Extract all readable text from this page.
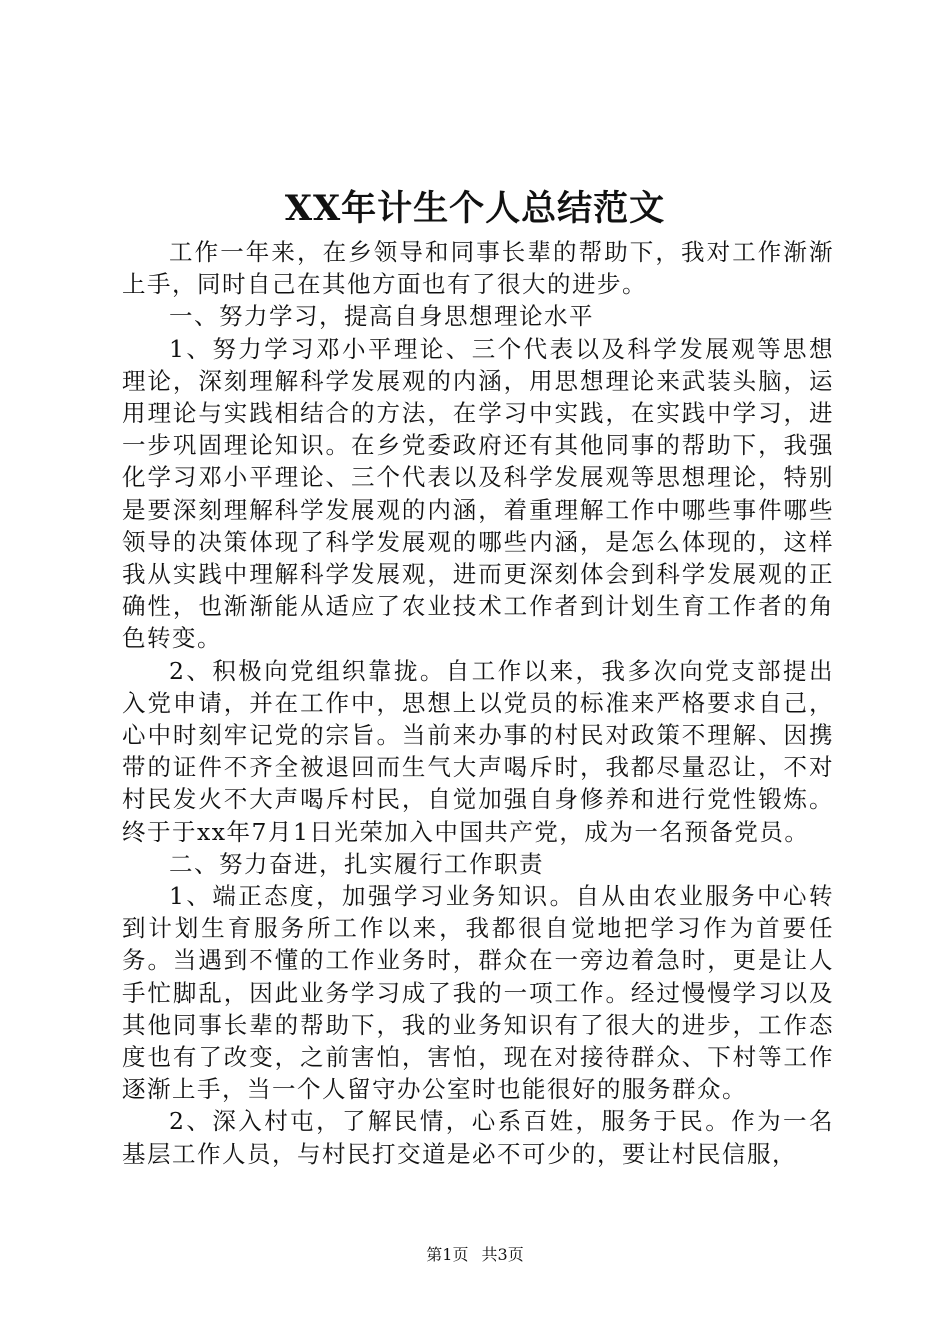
XX年计生个人总结范文

工作一年来，在乡领导和同事长辈的帮助下，我对工作渐渐上手，同时自己在其他方面也有了很大的进步。

一、努力学习，提高自身思想理论水平

1、努力学习邓小平理论、三个代表以及科学发展观等思想理论，深刻理解科学发展观的内涵，用思想理论来武装头脑，运用理论与实践相结合的方法，在学习中实践，在实践中学习，进一步巩固理论知识。在乡党委政府还有其他同事的帮助下，我强化学习邓小平理论、三个代表以及科学发展观等思想理论，特别是要深刻理解科学发展观的内涵，着重理解工作中哪些事件哪些领导的决策体现了科学发展观的哪些内涵，是怎么体现的，这样我从实践中理解科学发展观，进而更深刻体会到科学发展观的正确性，也渐渐能从适应了农业技术工作者到计划生育工作者的角色转变。

2、积极向党组织靠拢。自工作以来，我多次向党支部提出入党申请，并在工作中，思想上以党员的标准来严格要求自己，心中时刻牢记党的宗旨。当前来办事的村民对政策不理解、因携带的证件不齐全被退回而生气大声喝斥时，我都尽量忍让，不对村民发火不大声喝斥村民，自觉加强自身修养和进行党性锻炼。终于于xx年7月1日光荣加入中国共产党，成为一名预备党员。

二、努力奋进，扎实履行工作职责

1、端正态度，加强学习业务知识。自从由农业服务中心转到计划生育服务所工作以来，我都很自觉地把学习作为首要任务。当遇到不懂的工作业务时，群众在一旁边着急时，更是让人手忙脚乱，因此业务学习成了我的一项工作。经过慢慢学习以及其他同事长辈的帮助下，我的业务知识有了很大的进步，工作态度也有了改变，之前害怕，害怕，现在对接待群众、下村等工作逐渐上手，当一个人留守办公室时也能很好的服务群众。

2、深入村屯，了解民情，心系百姓，服务于民。作为一名基层工作人员，与村民打交道是必不可少的，要让村民信服，

第1页 共3页
